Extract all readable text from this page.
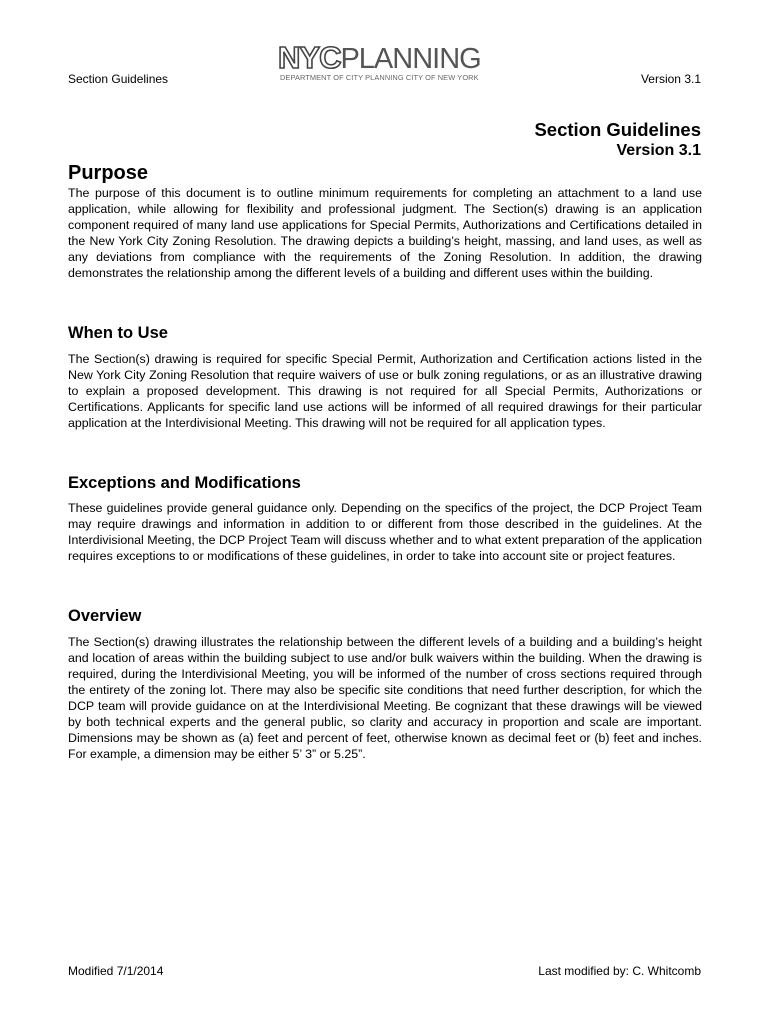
Section Guidelines
NYCPLANNING
DEPARTMENT OF CITY PLANNING CITY OF NEW YORK	Version 3.1
Section Guidelines
Version 3.1
Purpose

The purpose of this document is to outline minimum requirements for completing an attachment to a land use application, while allowing for flexibility and professional judgment. The Section(s) drawing is an application component required of many land use applications for Special Permits, Authorizations and Certifications detailed in the New York City Zoning Resolution. The drawing depicts a building’s height, massing, and land uses, as well as any deviations from compliance with the requirements of the Zoning Resolution. In addition, the drawing demonstrates the relationship among the different levels of a building and different uses within the building.

When to Use

The Section(s) drawing is required for specific Special Permit, Authorization and Certification actions listed in the New York City Zoning Resolution that require waivers of use or bulk zoning regulations, or as an illustrative drawing to explain a proposed development. This drawing is not required for all Special Permits, Authorizations or Certifications. Applicants for specific land use actions will be informed of all required drawings for their particular application at the Interdivisional Meeting. This drawing will not be required for all application types.

Exceptions and Modifications

These guidelines provide general guidance only. Depending on the specifics of the project, the DCP Project Team may require drawings and information in addition to or different from those described in the guidelines. At the Interdivisional Meeting, the DCP Project Team will discuss whether and to what extent preparation of the application requires exceptions to or modifications of these guidelines, in order to take into account site or project features.

Overview

The Section(s) drawing illustrates the relationship between the different levels of a building and a building’s height and location of areas within the building subject to use and/or bulk waivers within the building. When the drawing is required, during the Interdivisional Meeting, you will be informed of the number of cross sections required through the entirety of the zoning lot. There may also be specific site conditions that need further description, for which the DCP team will provide guidance on at the Interdivisional Meeting. Be cognizant that these drawings will be viewed by both technical experts and the general public, so clarity and accuracy in proportion and scale are important. Dimensions may be shown as (a) feet and percent of feet, otherwise known as decimal feet or (b) feet and inches. For example, a dimension may be either 5’ 3” or 5.25”.

Modified 7/1/2014	Last modified by: C. Whitcomb
